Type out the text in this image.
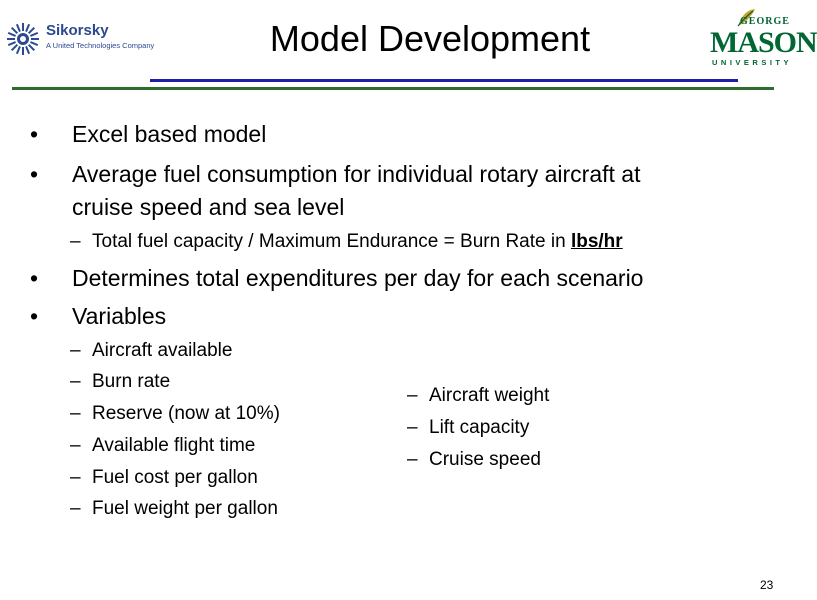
Sikorsky
A United Technologies Company	Model Development	GEORGE
MASON
UNIVERSITY
• Excel based model
• Average fuel consumption for individual rotary aircraft at
cruise speed and sea level
– Total fuel capacity / Maximum Endurance = Burn Rate in lbs/hr
• Determines total expenditures per day for each scenario
• Variables
– Aircraft available
– Burn rate
– Reserve (now at 10%)
– Available flight time
– Fuel cost per gallon
– Fuel weight per gallon
– Aircraft weight
– Lift capacity
– Cruise speed
23
